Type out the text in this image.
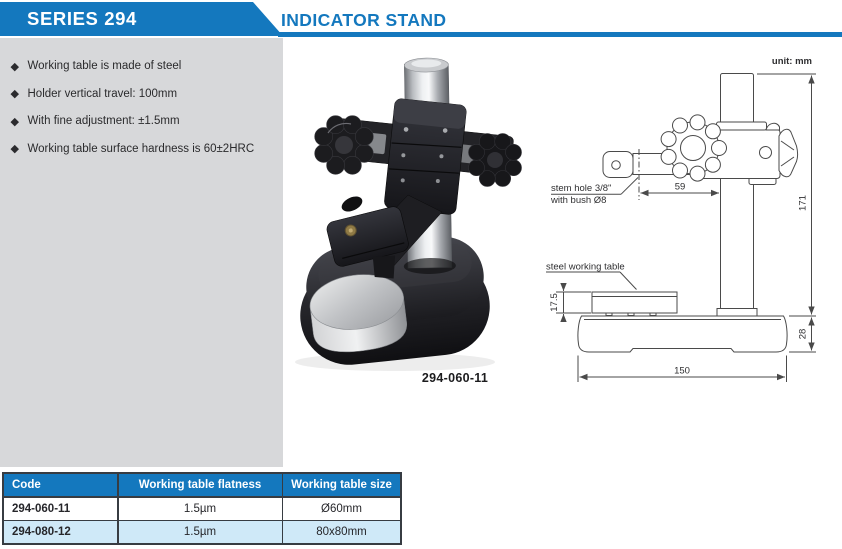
SERIES 294	INDICATOR STAND
Working table is made of steel
Holder vertical travel: 100mm
With fine adjustment: ±1.5mm
Working table surface hardness is 60±2HRC
294-060-11
unit: mm
59
171
28
17.5
150
stem hole 3/8"
with bush Ø8
steel working table
Code	Working table flatness	Working table size
294-060-11	1.5µm	Ø60mm
294-080-12	1.5µm	80x80mm
